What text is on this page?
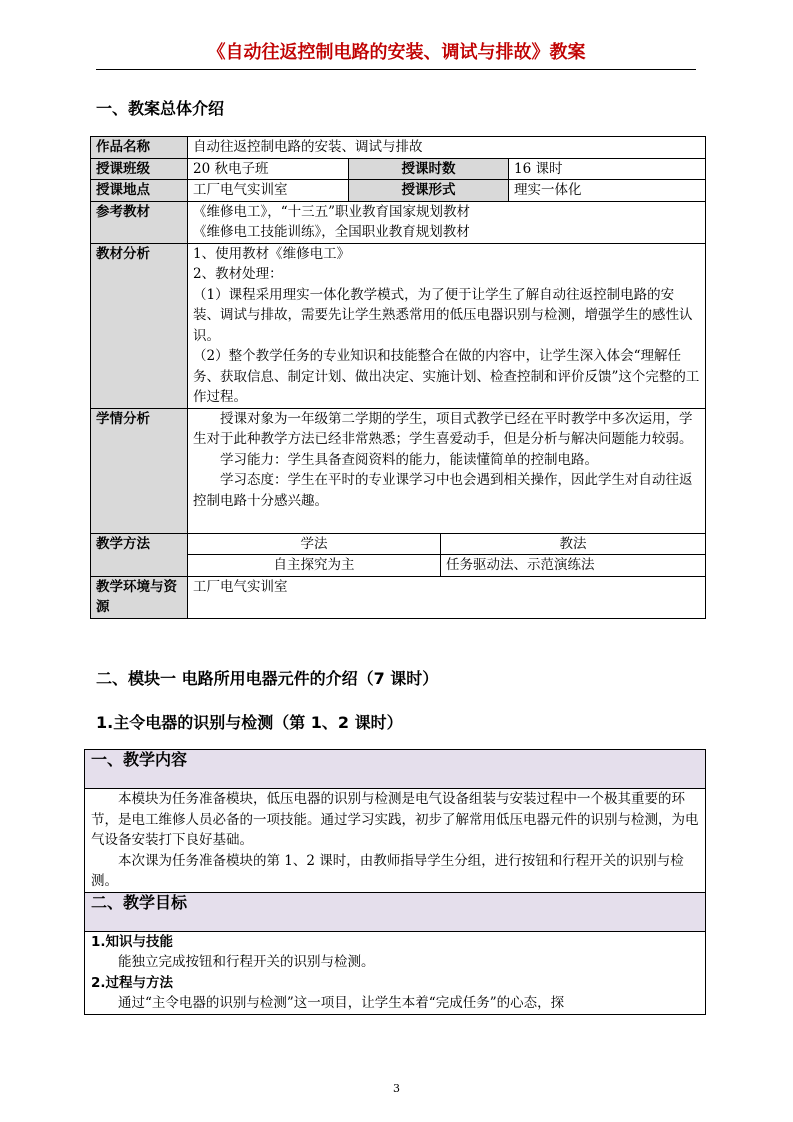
《自动往返控制电路的安装、调试与排故》教案
一、教案总体介绍
作品名称	自动往返控制电路的安装、调试与排故			
授课班级	20 秋电子班	授课时数		16 课时
授课地点	工厂电气实训室	授课形式		理实一体化
参考教材	《维修电工》，“十三五”职业教育国家规划教材

《维修电工技能训练》，全国职业教育规划教材			

教材分析	1、使用教材《维修电工》

2、教材处理：

（1）课程采用理实一体化教学模式，为了便于让学生了解自动往返控制电路的安装、调试与排故，需要先让学生熟悉常用的低压电器识别与检测，增强学生的感性认识。

（2）整个教学任务的专业知识和技能整合在做的内容中，让学生深入体会“理解任务、获取信息、制定计划、做出决定、实施计划、检查控制和评价反馈”这个完整的工作过程。			

学情分析	授课对象为一年级第二学期的学生，项目式教学已经在平时教学中多次运用，学生对于此种教学方法已经非常熟悉；学生喜爱动手，但是分析与解决问题能力较弱。

学习能力：学生具备查阅资料的能力，能读懂简单的控制电路。

学习态度：学生在平时的专业课学习中也会遇到相关操作，因此学生对自动往返控制电路十分感兴趣。			

教学方法	学法		教法	
	自主探究为主		任务驱动法、示范演练法	
教学环境与资源	工厂电气实训室			
二、模块一 电路所用电器元件的介绍（7 课时）
1.主令电器的识别与检测（第 1、2 课时）
一、教学内容

本模块为任务准备模块，低压电器的识别与检测是电气设备组装与安装过程中一个极其重要的环节，是电工维修人员必备的一项技能。通过学习实践，初步了解常用低压电器元件的识别与检测，为电气设备安装打下良好基础。

本次课为任务准备模块的第 1、2 课时，由教师指导学生分组，进行按钮和行程开关的识别与检测。

二、教学目标

1.知识与技能

能独立完成按钮和行程开关的识别与检测。

2.过程与方法

通过“主令电器的识别与检测”这一项目，让学生本着“完成任务”的心态，探

3
